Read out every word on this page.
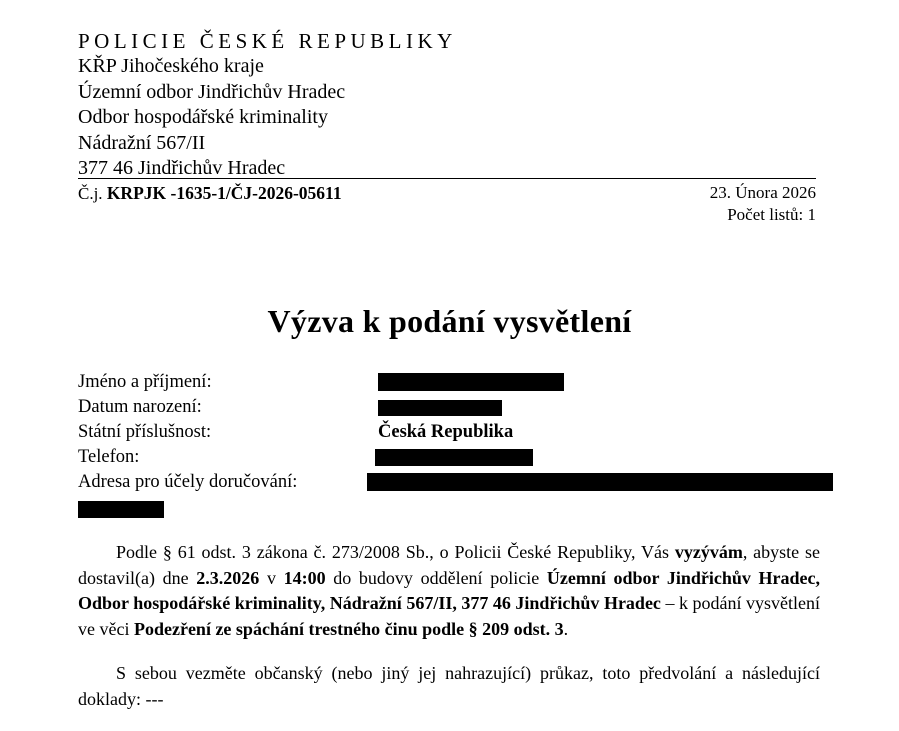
POLICIE ČESKÉ REPUBLIKY
KŘP Jihočeského kraje
Územní odbor Jindřichův Hradec
Odbor hospodářské kriminality
Nádražní 567/II
377 46 Jindřichův Hradec
Č.j. KRPJK -1635-1/ČJ-2026-05611	23. Února 2026
Počet listů: 1
Výzva k podání vysvětlení
Jméno a příjmení:
Datum narození:
Státní příslušnost:	Česká Republika
Telefon:
Adresa pro účely doručování:

Podle § 61 odst. 3 zákona č. 273/2008 Sb., o Policii České Republiky, Vás vyzývám, abyste se dostavil(a) dne 2.3.2026 v 14:00 do budovy oddělení policie Územní odbor Jindřichův Hradec, Odbor hospodářské kriminality, Nádražní 567/II, 377 46 Jindřichův Hradec – k podání vysvětlení ve věci Podezření ze spáchání trestného činu podle § 209 odst. 3.

S sebou vezměte občanský (nebo jiný jej nahrazující) průkaz, toto předvolání a následující doklady: ---
